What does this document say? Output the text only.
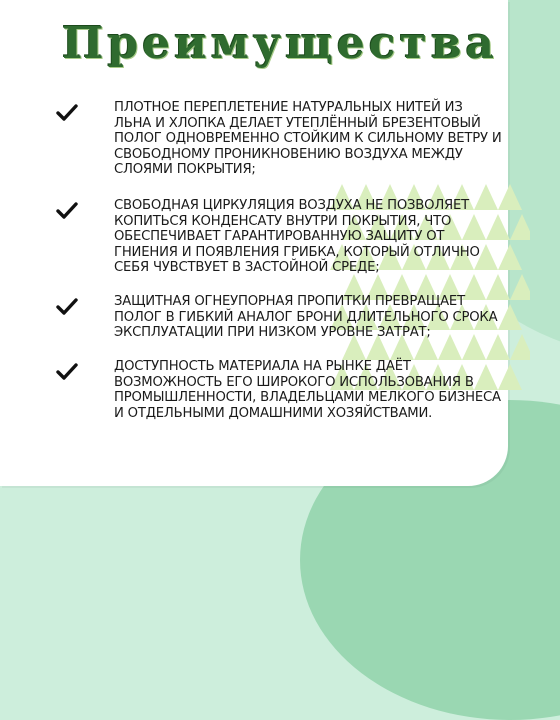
Преимущества
ПЛОТНОЕ ПЕРЕПЛЕТЕНИЕ НАТУРАЛЬНЫХ НИТЕЙ ИЗ ЛЬНА И ХЛОПКА ДЕЛАЕТ УТЕПЛЁННЫЙ БРЕЗЕНТОВЫЙ ПОЛОГ ОДНОВРЕМЕННО СТОЙКИМ К СИЛЬНОМУ ВЕТРУ И СВОБОДНОМУ ПРОНИКНОВЕНИЮ ВОЗДУХА МЕЖДУ СЛОЯМИ ПОКРЫТИЯ;
СВОБОДНАЯ ЦИРКУЛЯЦИЯ ВОЗДУХА НЕ ПОЗВОЛЯЕТ КОПИТЬСЯ КОНДЕНСАТУ ВНУТРИ ПОКРЫТИЯ, ЧТО ОБЕСПЕЧИВАЕТ ГАРАНТИРОВАННУЮ ЗАЩИТУ ОТ ГНИЕНИЯ И ПОЯВЛЕНИЯ ГРИБКА, КОТОРЫЙ ОТЛИЧНО СЕБЯ ЧУВСТВУЕТ В ЗАСТОЙНОЙ СРЕДЕ;
ЗАЩИТНАЯ ОГНЕУПОРНАЯ ПРОПИТКИ ПРЕВРАЩАЕТ ПОЛОГ В ГИБКИЙ АНАЛОГ БРОНИ ДЛИТЕЛЬНОГО СРОКА ЭКСПЛУАТАЦИИ ПРИ НИЗКОМ УРОВНЕ ЗАТРАТ;
ДОСТУПНОСТЬ МАТЕРИАЛА НА РЫНКЕ ДАЁТ ВОЗМОЖНОСТЬ ЕГО ШИРОКОГО ИСПОЛЬЗОВАНИЯ В ПРОМЫШЛЕННОСТИ, ВЛАДЕЛЬЦАМИ МЕЛКОГО БИЗНЕСА И ОТДЕЛЬНЫМИ ДОМАШНИМИ ХОЗЯЙСТВАМИ.
